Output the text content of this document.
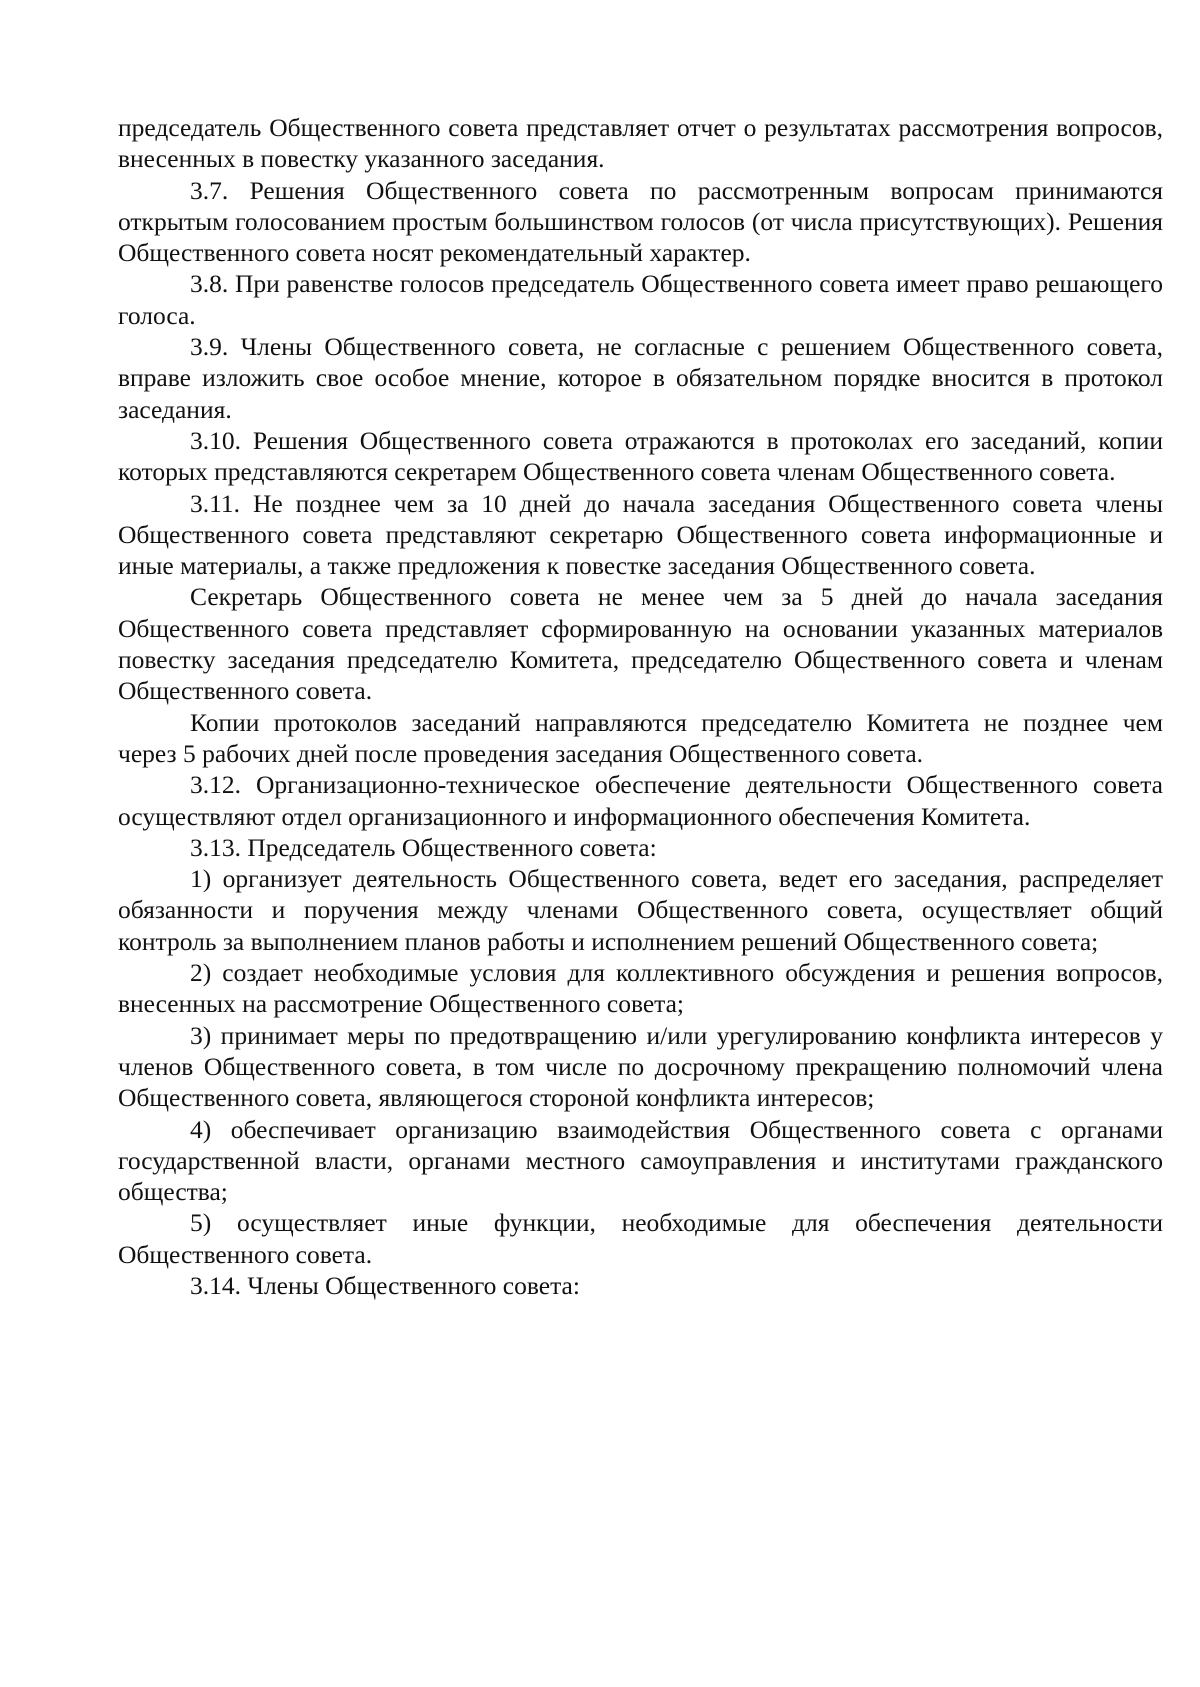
председатель Общественного совета представляет отчет о результатах рассмотрения вопросов, внесенных в повестку указанного заседания.

3.7. Решения Общественного совета по рассмотренным вопросам принимаются открытым голосованием простым большинством голосов (от числа присутствующих). Решения Общественного совета носят рекомендательный характер.

3.8. При равенстве голосов председатель Общественного совета имеет право решающего голоса.

3.9. Члены Общественного совета, не согласные с решением Общественного совета, вправе изложить свое особое мнение, которое в обязательном порядке вносится в протокол заседания.

3.10. Решения Общественного совета отражаются в протоколах его заседаний, копии которых представляются секретарем Общественного совета членам Общественного совета.

3.11. Не позднее чем за 10 дней до начала заседания Общественного совета члены Общественного совета представляют секретарю Общественного совета информационные и иные материалы, а также предложения к повестке заседания Общественного совета.

Секретарь Общественного совета не менее чем за 5 дней до начала заседания Общественного совета представляет сформированную на основании указанных материалов повестку заседания председателю Комитета, председателю Общественного совета и членам Общественного совета.

Копии протоколов заседаний направляются председателю Комитета не позднее чем через 5 рабочих дней после проведения заседания Общественного совета.

3.12. Организационно-техническое обеспечение деятельности Общественного совета осуществляют отдел организационного и информационного обеспечения Комитета.

3.13. Председатель Общественного совета:

1) организует деятельность Общественного совета, ведет его заседания, распределяет обязанности и поручения между членами Общественного совета, осуществляет общий контроль за выполнением планов работы и исполнением решений Общественного совета;

2) создает необходимые условия для коллективного обсуждения и решения вопросов, внесенных на рассмотрение Общественного совета;

3) принимает меры по предотвращению и/или урегулированию конфликта интересов у членов Общественного совета, в том числе по досрочному прекращению полномочий члена Общественного совета, являющегося стороной конфликта интересов;

4) обеспечивает организацию взаимодействия Общественного совета с органами государственной власти, органами местного самоуправления и институтами гражданского общества;

5) осуществляет иные функции, необходимые для обеспечения деятельности Общественного совета.

3.14. Члены Общественного совета:
